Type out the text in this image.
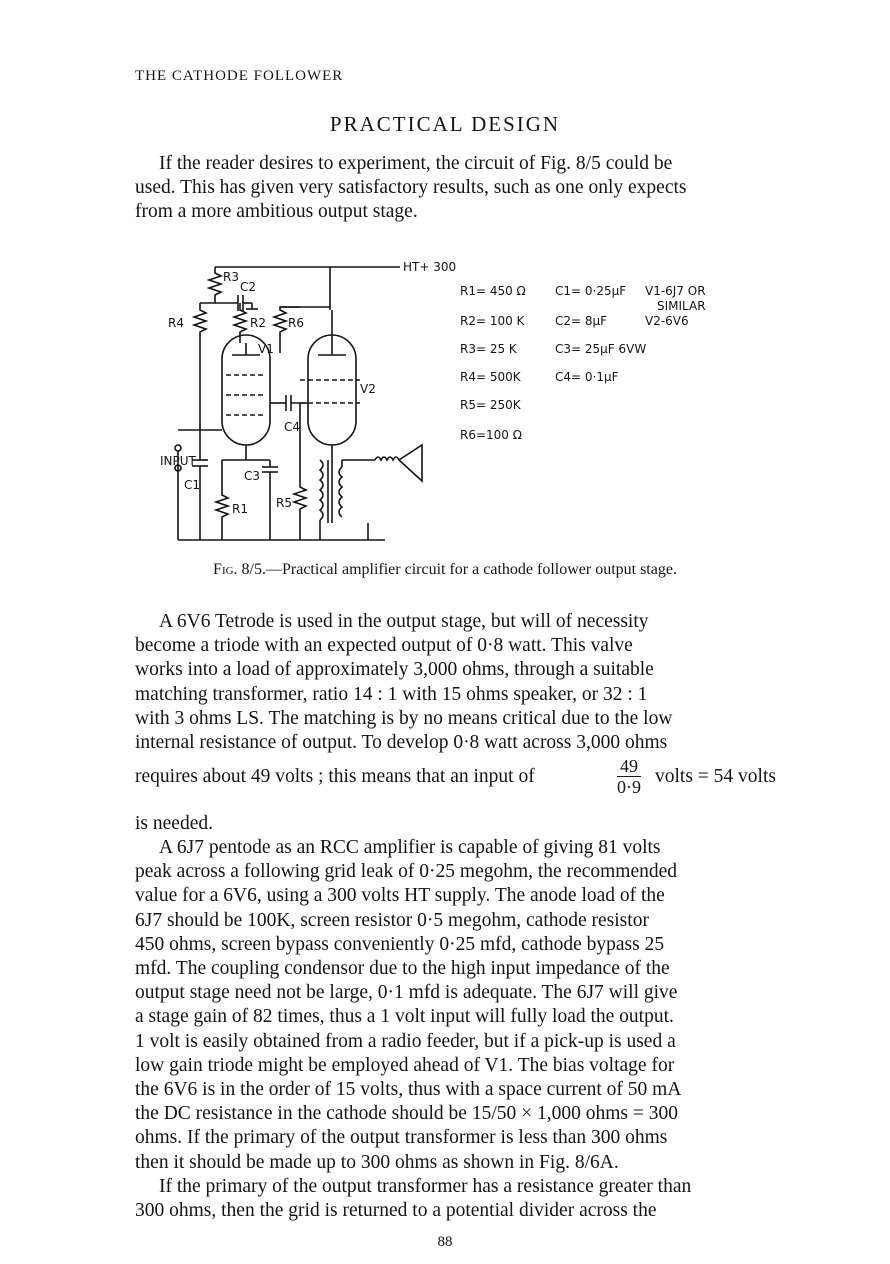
THE CATHODE FOLLOWER
PRACTICAL DESIGN

If the reader desires to experiment, the circuit of Fig. 8/5 could be
used. This has given very satisfactory results, such as one only expects
from a more ambitious output stage.

HT+ 300
R3
C2
R4	R2 R6
V1
V2
C4
INPUT
C1
C3
R1 R5
R1= 450 Ω
R2= 100 K
R3= 25 K
R4= 500K
R5= 250K
R6=100 Ω
C1= 0·25μF
C2= 8μF
C3= 25μF 6VW
C4= 0·1μF
V1-6J7 OR
SIMILAR
V2-6V6
Fig. 8/5.—Practical amplifier circuit for a cathode follower output stage.

A 6V6 Tetrode is used in the output stage, but will of necessity
become a triode with an expected output of 0·8 watt. This valve
works into a load of approximately 3,000 ohms, through a suitable
matching transformer, ratio 14 : 1 with 15 ohms speaker, or 32 : 1
with 3 ohms LS. The matching is by no means critical due to the low
internal resistance of output. To develop 0·8 watt across 3,000 ohms

requires about 49 volts ; this means that an input of	$\frac{49}{0\cdot 9}$ volts = 54 volts
is needed.

A 6J7 pentode as an RCC amplifier is capable of giving 81 volts
peak across a following grid leak of 0·25 megohm, the recommended
value for a 6V6, using a 300 volts HT supply. The anode load of the
6J7 should be 100K, screen resistor 0·5 megohm, cathode resistor
450 ohms, screen bypass conveniently 0·25 mfd, cathode bypass 25
mfd. The coupling condensor due to the high input impedance of the
output stage need not be large, 0·1 mfd is adequate. The 6J7 will give
a stage gain of 82 times, thus a 1 volt input will fully load the output.
1 volt is easily obtained from a radio feeder, but if a pick-up is used a
low gain triode might be employed ahead of V1. The bias voltage for
the 6V6 is in the order of 15 volts, thus with a space current of 50 mA
the DC resistance in the cathode should be 15/50 × 1,000 ohms = 300
ohms. If the primary of the output transformer is less than 300 ohms
then it should be made up to 300 ohms as shown in Fig. 8/6A.

If the primary of the output transformer has a resistance greater than
300 ohms, then the grid is returned to a potential divider across the

88
